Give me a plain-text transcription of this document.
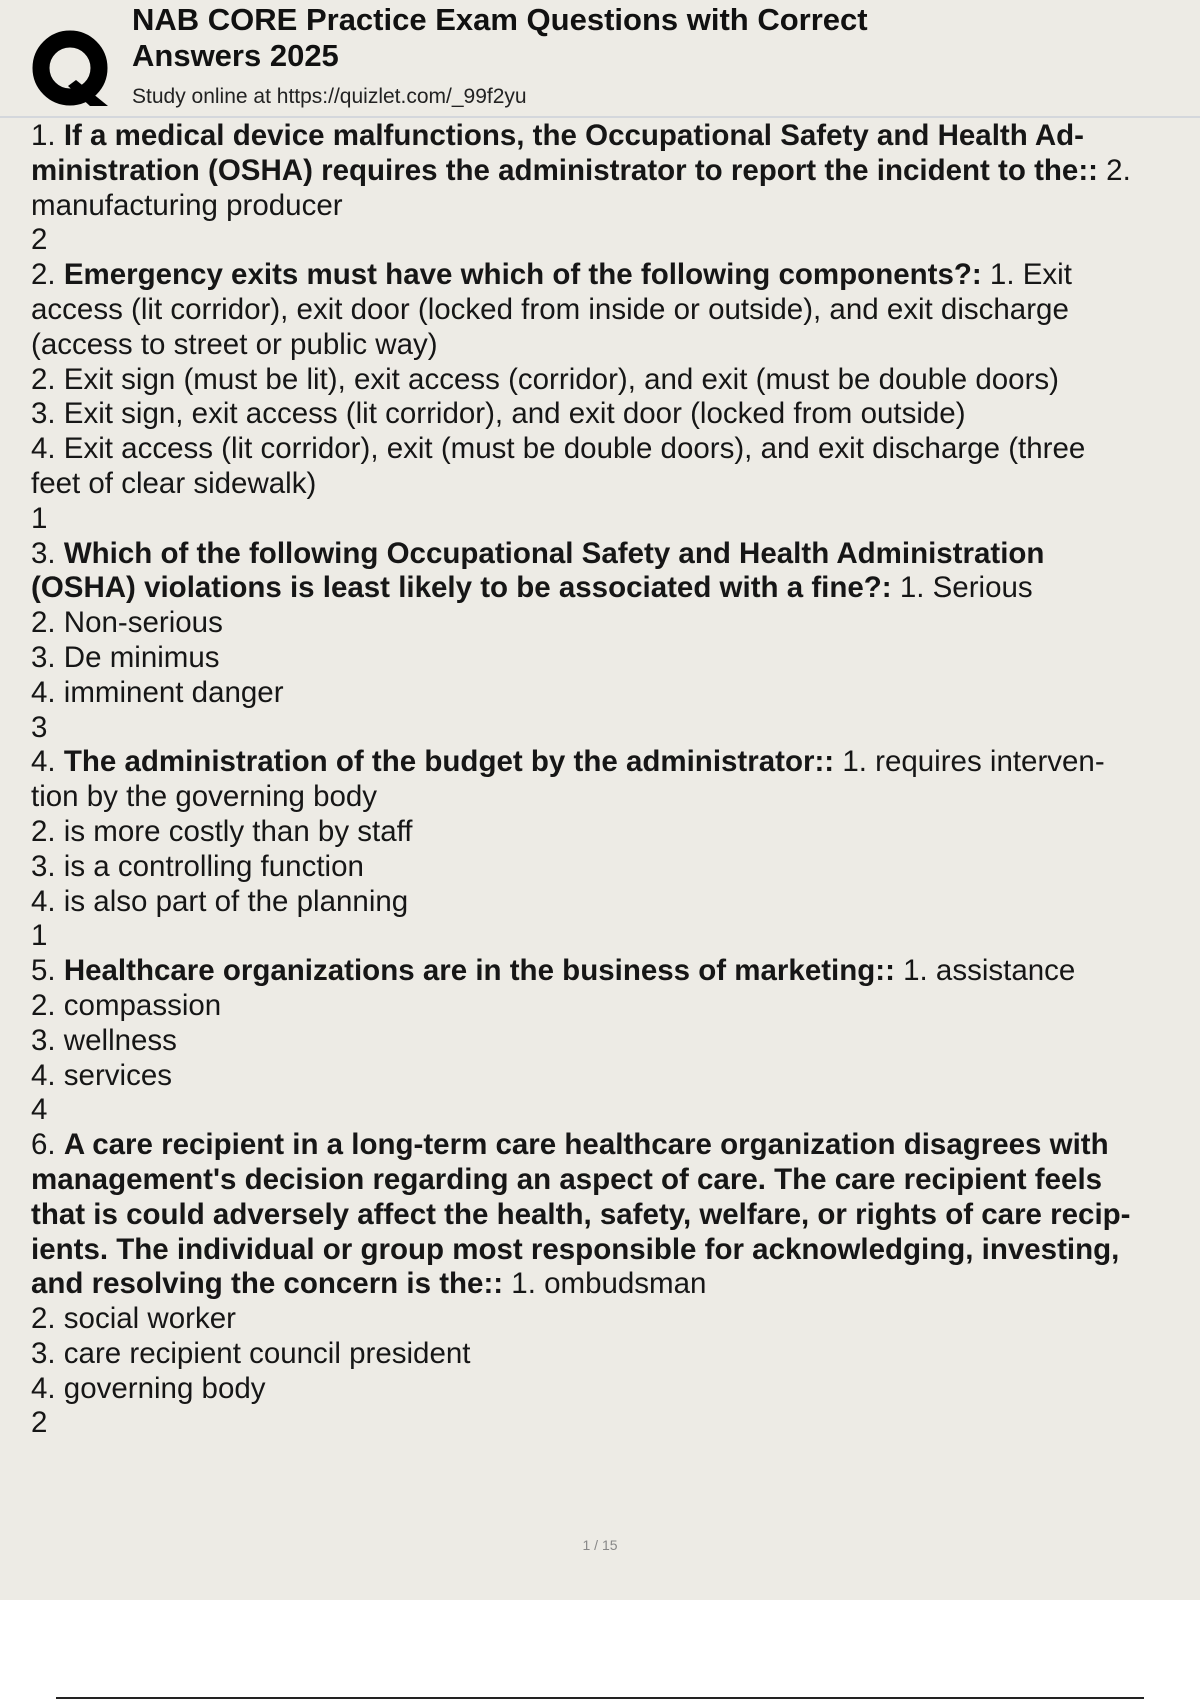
NAB CORE Practice Exam Questions with Correct
Answers 2025
Study online at https://quizlet.com/_99f2yu
1. If a medical device malfunctions, the Occupational Safety and Health Ad-
ministration (OSHA) requires the administrator to report the incident to the:: 2.
manufacturing producer
2
2. Emergency exits must have which of the following components?: 1. Exit
access (lit corridor), exit door (locked from inside or outside), and exit discharge
(access to street or public way)
2. Exit sign (must be lit), exit access (corridor), and exit (must be double doors)
3. Exit sign, exit access (lit corridor), and exit door (locked from outside)
4. Exit access (lit corridor), exit (must be double doors), and exit discharge (three
feet of clear sidewalk)
1
3. Which of the following Occupational Safety and Health Administration
(OSHA) violations is least likely to be associated with a fine?: 1. Serious
2. Non-serious
3. De minimus
4. imminent danger
3
4. The administration of the budget by the administrator:: 1. requires interven-
tion by the governing body
2. is more costly than by staff
3. is a controlling function
4. is also part of the planning
1
5. Healthcare organizations are in the business of marketing:: 1. assistance
2. compassion
3. wellness
4. services
4
6. A care recipient in a long-term care healthcare organization disagrees with
management's decision regarding an aspect of care. The care recipient feels
that is could adversely affect the health, safety, welfare, or rights of care recip-
ients. The individual or group most responsible for acknowledging, investing,
and resolving the concern is the:: 1. ombudsman
2. social worker
3. care recipient council president
4. governing body
2
1 / 15
